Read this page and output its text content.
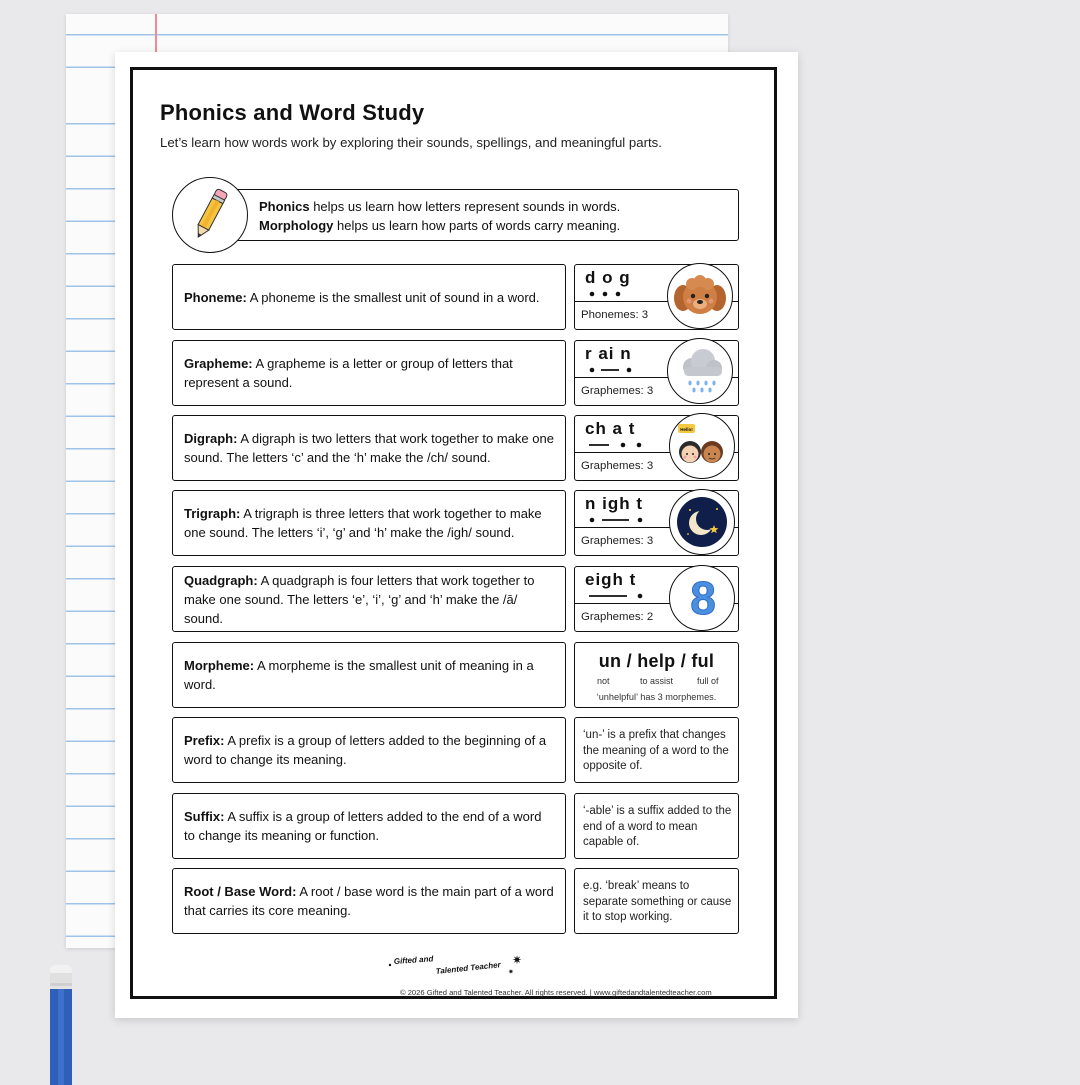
Phonics and Word Study

Let’s learn how words work by exploring their sounds, spellings, and meaningful parts.

Phonics helps us learn how letters represent sounds in words.
Morphology helps us learn how parts of words carry meaning.
Phoneme: A phoneme is the smallest unit of sound in a word.
d o g
Phonemes: 3
Grapheme: A grapheme is a letter or group of letters that represent a sound.
r ai n
Graphemes: 3
Digraph: A digraph is two letters that work together to make one sound. The letters ‘c’ and the ‘h’ make the /ch/ sound.
ch a t
Graphemes: 3
Hello!
Trigraph: A trigraph is three letters that work together to make one sound. The letters ‘i’, ‘g’ and ‘h’ make the /igh/ sound.
n igh t
Graphemes: 3
Quadgraph: A quadgraph is four letters that work together to make one sound. The letters ‘e’, ‘i’, ‘g’ and ‘h’ make the /ā/ sound.
eigh t
Graphemes: 2 8
Morpheme: A morpheme is the smallest unit of meaning in a word.
un / help / ful
not	to assist	full of
‘unhelpful’ has 3 morphemes.
Prefix: A prefix is a group of letters added to the beginning of a word to change its meaning.
‘un-’ is a prefix that changes the meaning of a word to the opposite of.
Suffix: A suffix is a group of letters added to the end of a word to change its meaning or function.
‘-able’ is a suffix added to the end of a word to mean capable of.
Root / Base Word: A root / base word is the main part of a word that carries its core meaning.
e.g. ‘break’ means to separate something or cause it to stop working.
Gifted and
Talented Teacher
✷
✷
© 2026 Gifted and Talented Teacher. All rights reserved. | www.giftedandtalentedteacher.com
